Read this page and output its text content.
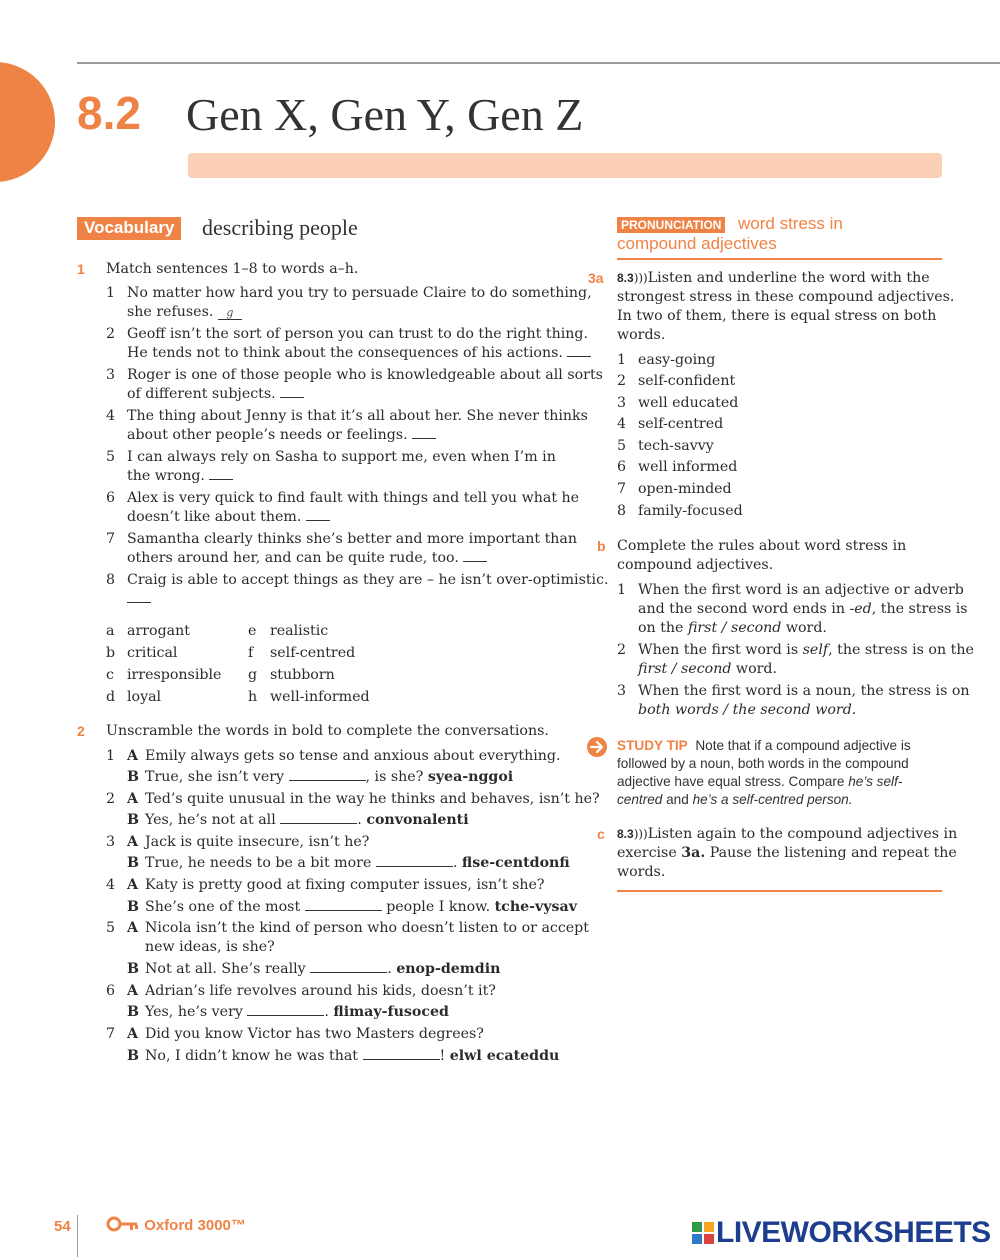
8.2 Gen X, Gen Y, Gen Z
Vocabulary	describing people
1 Match sentences 1–8 to words a–h.
1 No matter how hard you try to persuade Claire to do something,
she refuses. g
2 Geoff isn’t the sort of person you can trust to do the right thing.
He tends not to think about the consequences of his actions.
3 Roger is one of those people who is knowledgeable about all sorts
of different subjects.
4 The thing about Jenny is that it’s all about her. She never thinks
about other people’s needs or feelings.
5 I can always rely on Sasha to support me, even when I’m in
the wrong.
6 Alex is very quick to find fault with things and tell you what he
doesn’t like about them.
7 Samantha clearly thinks she’s better and more important than
others around her, and can be quite rude, too.
8 Craig is able to accept things as they are – he isn’t over-optimistic.
a arrogant	e realistic
b critical	f self-centred
c irresponsible g stubborn
d loyal	h well-informed
2 Unscramble the words in bold to complete the conversations.
1 A Emily always gets so tense and anxious about everything.
B True, she isn’t very	, is she? syea-nggoi
2 A Ted’s quite unusual in the way he thinks and behaves, isn’t he?
B Yes, he’s not at all	. convonalenti
3 A Jack is quite insecure, isn’t he?
B True, he needs to be a bit more	. flse-centdonfi
4 A Katy is pretty good at fixing computer issues, isn’t she?
B She’s one of the most	people I know. tche-vysav
5 A Nicola isn’t the kind of person who doesn’t listen to or accept
new ideas, is she?
B Not at all. She’s really	. enop-demdin
6 A Adrian’s life revolves around his kids, doesn’t it?
B Yes, he’s very	. flimay-fusoced
7 A Did you know Victor has two Masters degrees?
B No, I didn’t know he was that	! elwl ecateddu
PRONUNCIATION word stress in
compound adjectives
3a 8.3)))Listen and underline the word with the
strongest stress in these compound adjectives.
In two of them, there is equal stress on both
words.
1 easy-going
2 self-confident
3 well educated
4 self-centred
5 tech-savvy
6 well informed
7 open-minded
8 family-focused
b Complete the rules about word stress in
compound adjectives.
1 When the first word is an adjective or adverb
and the second word ends in -ed, the stress is
on the first / second word.
2 When the first word is self, the stress is on the
first / second word.
3 When the first word is a noun, the stress is on
both words / the second word.
STUDY TIP Note that if a compound adjective is
followed by a noun, both words in the compound
adjective have equal stress. Compare he’s self-
centred and he’s a self-centred person.
c 8.3)))Listen again to the compound adjectives in
exercise 3a. Pause the listening and repeat the
words.
54	Oxford 3000™	LIVEWORKSHEETS
